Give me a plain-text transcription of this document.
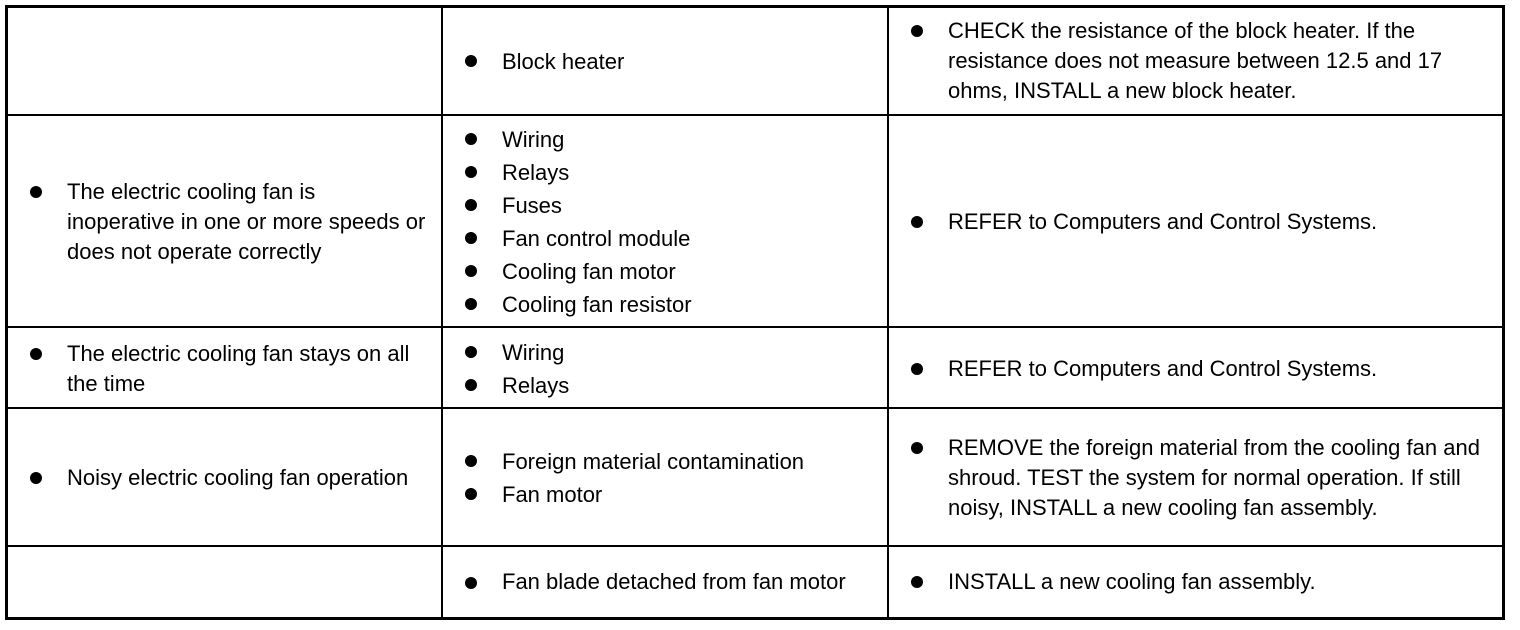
Block heater
CHECK the resistance of the block heater. If the resistance does not measure between 12.5 and 17 ohms, INSTALL a new block heater.
The electric cooling fan is inoperative in one or more speeds or does not operate correctly
Wiring
Relays
Fuses
Fan control module
Cooling fan motor
Cooling fan resistor
REFER to Computers and Control Systems.
The electric cooling fan stays on all the time
Wiring
Relays
REFER to Computers and Control Systems.
Noisy electric cooling fan operation
Foreign material contamination
Fan motor
REMOVE the foreign material from the cooling fan and shroud. TEST the system for normal operation. If still noisy, INSTALL a new cooling fan assembly.
Fan blade detached from fan motor	INSTALL a new cooling fan assembly.
